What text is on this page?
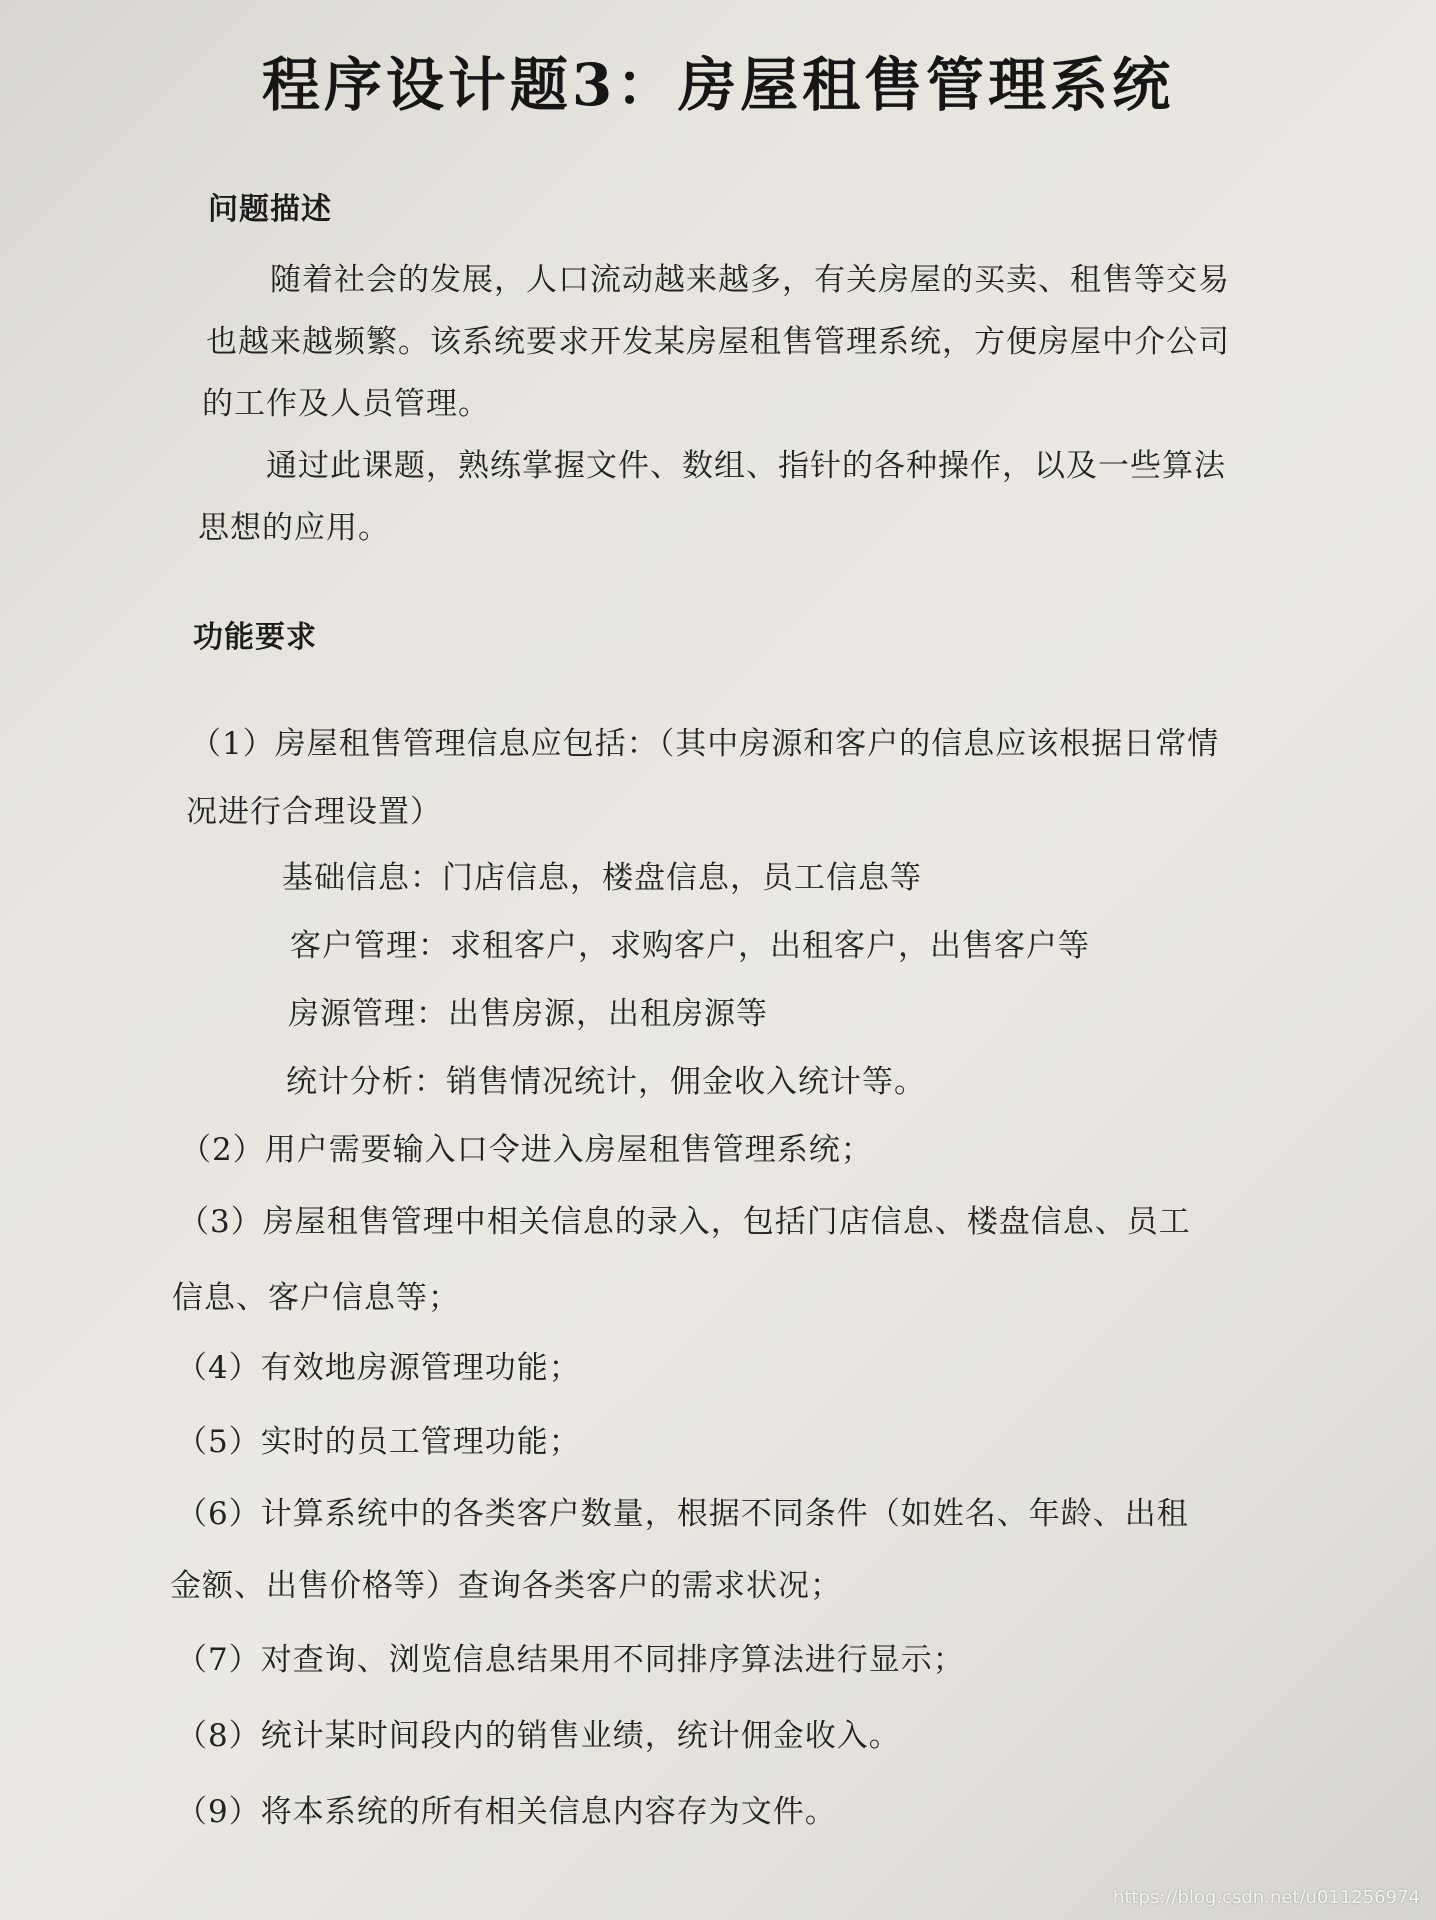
程序设计题3：房屋租售管理系统
问题描述
随着社会的发展，人口流动越来越多，有关房屋的买卖、租售等交易
也越来越频繁。该系统要求开发某房屋租售管理系统，方便房屋中介公司
的工作及人员管理。
通过此课题，熟练掌握文件、数组、指针的各种操作，以及一些算法
思想的应用。
功能要求
（1）房屋租售管理信息应包括：（其中房源和客户的信息应该根据日常情
况进行合理设置）
基础信息：门店信息，楼盘信息，员工信息等
客户管理：求租客户，求购客户，出租客户，出售客户等
房源管理：出售房源，出租房源等
统计分析：销售情况统计，佣金收入统计等。
（2）用户需要输入口令进入房屋租售管理系统；
（3）房屋租售管理中相关信息的录入，包括门店信息、楼盘信息、员工
信息、客户信息等；
（4）有效地房源管理功能；
（5）实时的员工管理功能；
（6）计算系统中的各类客户数量，根据不同条件（如姓名、年龄、出租
金额、出售价格等）查询各类客户的需求状况；
（7）对查询、浏览信息结果用不同排序算法进行显示；
（8）统计某时间段内的销售业绩，统计佣金收入。
（9）将本系统的所有相关信息内容存为文件。
https://blog.csdn.net/u011256974
